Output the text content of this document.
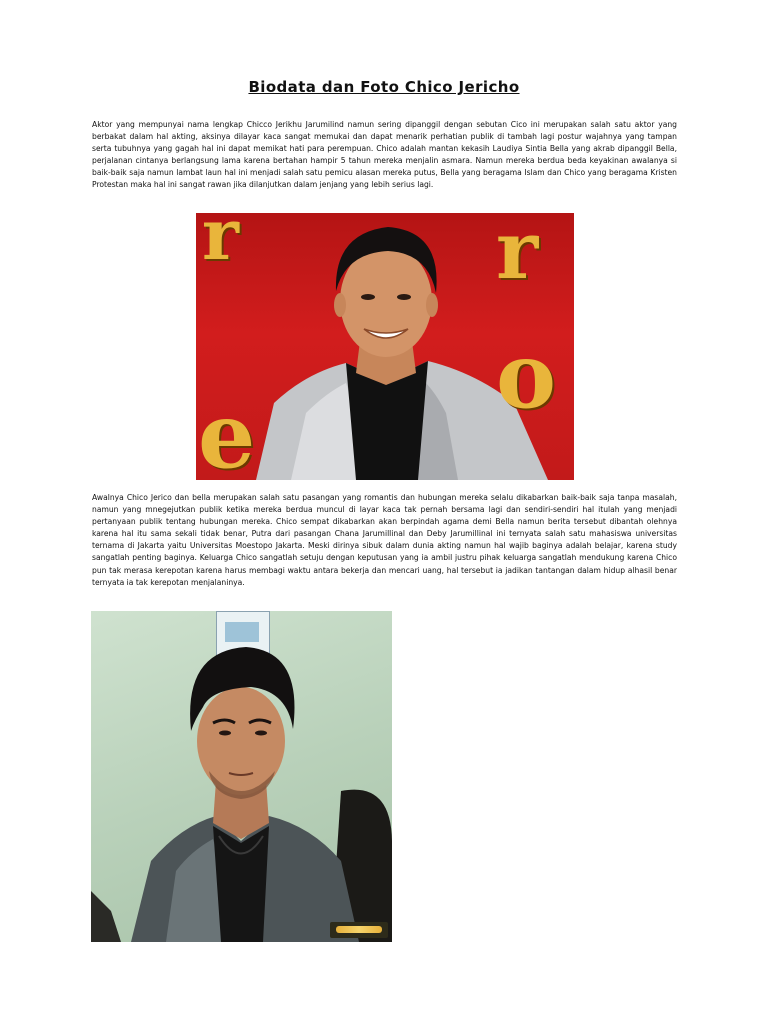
Biodata dan Foto Chico Jericho

Aktor yang mempunyai nama lengkap Chicco Jerikhu Jarumilind namun sering dipanggil dengan sebutan Cico ini merupakan salah satu aktor yang berbakat dalam hal akting, aksinya dilayar kaca sangat memukai dan dapat menarik perhatian publik di tambah lagi postur wajahnya yang tampan serta tubuhnya yang gagah hal ini dapat memikat hati para perempuan. Chico adalah mantan kekasih Laudiya Sintia Bella yang akrab dipanggil Bella, perjalanan cintanya berlangsung lama karena bertahan hampir 5 tahun mereka menjalin asmara. Namun mereka berdua beda keyakinan awalanya si baik-baik saja namun lambat laun hal ini menjadi salah satu pemicu alasan mereka putus, Bella yang beragama Islam dan Chico yang beragama Kristen Protestan maka hal ini sangat rawan jika dilanjutkan dalam jenjang yang lebih serius lagi.

r	r
e
o

Awalnya Chico Jerico dan bella merupakan salah satu pasangan yang romantis dan hubungan mereka selalu dikabarkan baik-baik saja tanpa masalah, namun yang mnegejutkan publik ketika mereka berdua muncul di layar kaca tak pernah bersama lagi dan sendiri-sendiri hal itulah yang menjadi pertanyaan publik tentang hubungan mereka. Chico sempat dikabarkan akan berpindah agama demi Bella namun berita tersebut dibantah olehnya karena hal itu sama sekali tidak benar, Putra dari pasangan Chana Jarumillinal dan Deby Jarumillinal ini ternyata salah satu mahasiswa universitas ternama di Jakarta yaitu Universitas Moestopo Jakarta. Meski dirinya sibuk dalam dunia akting namun hal wajib baginya adalah belajar, karena study sangatlah penting baginya. Keluarga Chico sangatlah setuju dengan keputusan yang ia ambil justru pihak keluarga sangatlah mendukung karena Chico pun tak merasa kerepotan karena harus membagi waktu antara bekerja dan mencari uang, hal tersebut ia jadikan tantangan dalam hidup alhasil benar ternyata ia tak kerepotan menjalaninya.
